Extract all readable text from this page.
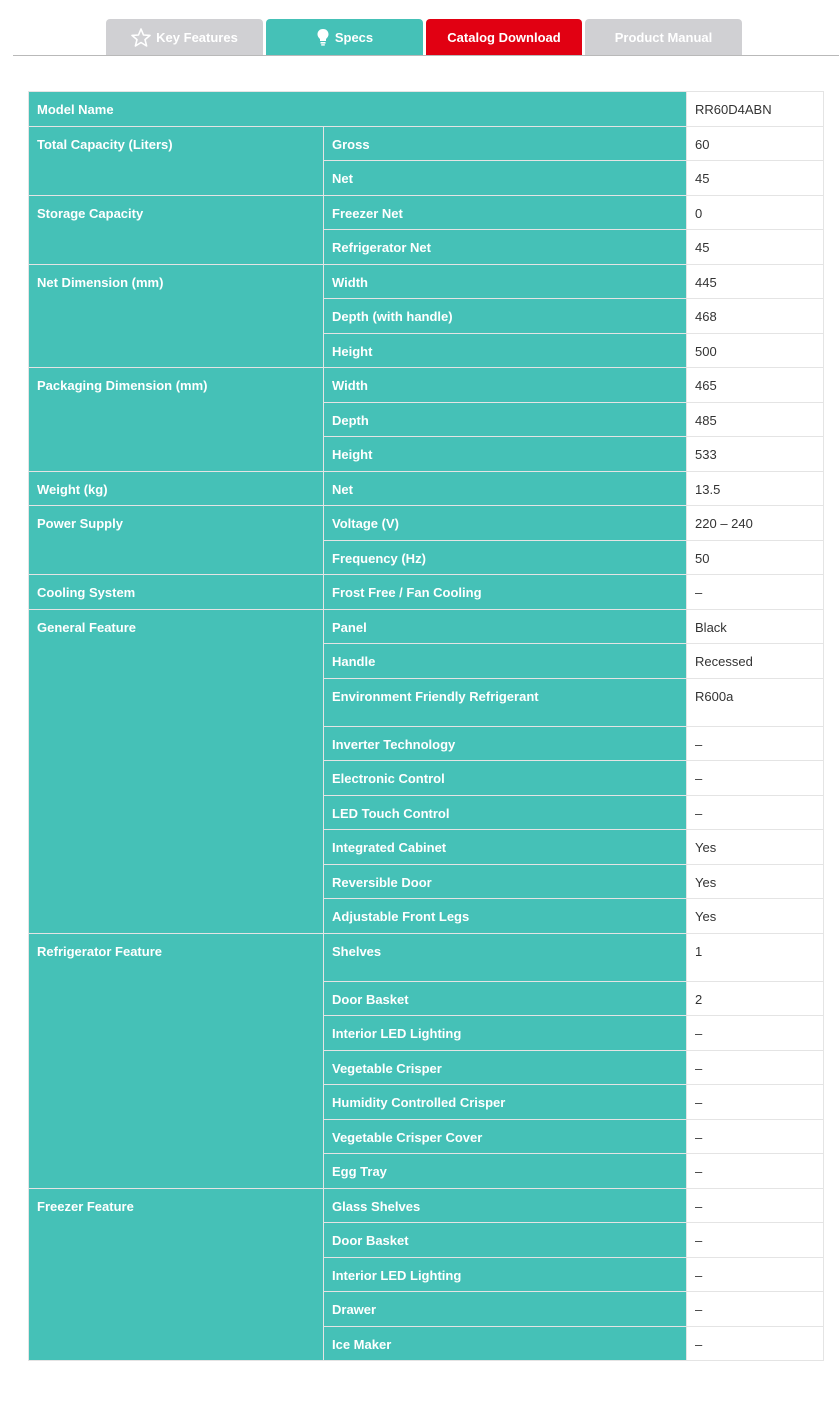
Key Features	Specs	Catalog Download	Product Manual
Model Name		RR60D4ABN
Total Capacity (Liters)	Gross	60
	Net	45
Storage Capacity	Freezer Net	0
	Refrigerator Net	45
Net Dimension (mm)	Width	445
	Depth (with handle)	468
	Height	500
Packaging Dimension (mm)	Width	465
	Depth	485
	Height	533
Weight (kg)	Net	13.5
Power Supply	Voltage (V)	220 – 240
	Frequency (Hz)	50
Cooling System	Frost Free / Fan Cooling	–
General Feature	Panel	Black
	Handle	Recessed
	Environment Friendly Refrigerant	R600a
	Inverter Technology	–
	Electronic Control	–
	LED Touch Control	–
	Integrated Cabinet	Yes
	Reversible Door	Yes
	Adjustable Front Legs	Yes
Refrigerator Feature	Shelves	1
	Door Basket	2
	Interior LED Lighting	–
	Vegetable Crisper	–
	Humidity Controlled Crisper	–
	Vegetable Crisper Cover	–
	Egg Tray	–
Freezer Feature	Glass Shelves	–
	Door Basket	–
	Interior LED Lighting	–
	Drawer	–
	Ice Maker	–
